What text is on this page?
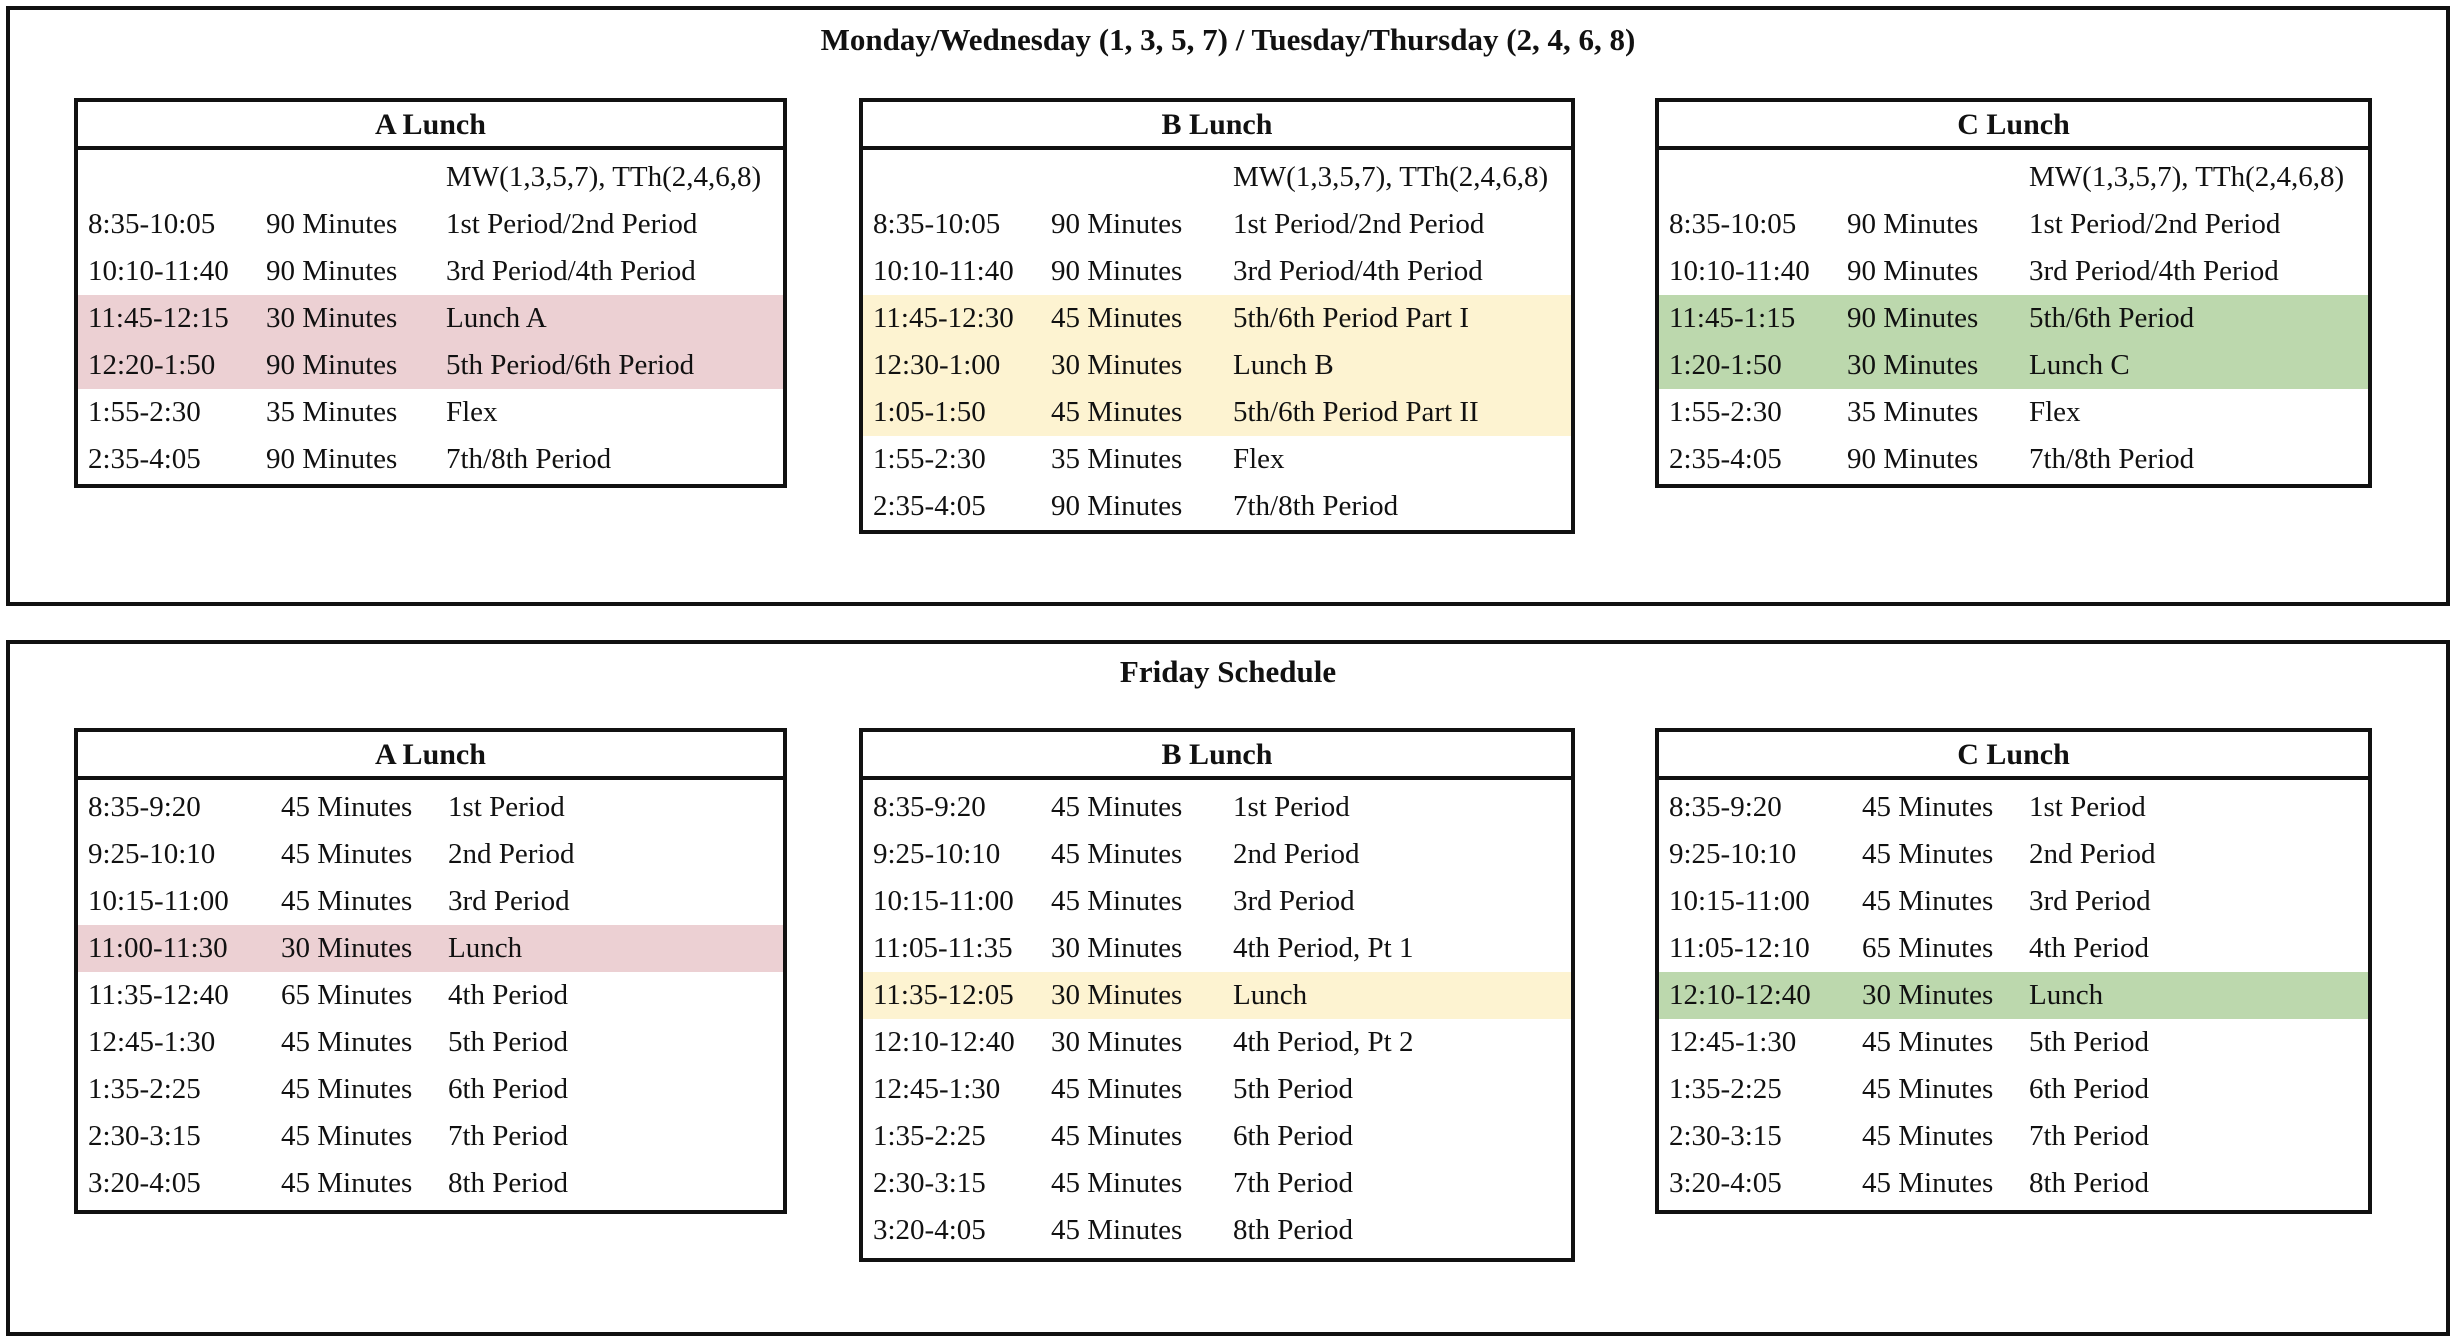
Monday/Wednesday (1, 3, 5, 7) / Tuesday/Thursday (2, 4, 6, 8)
A Lunch
MW(1,3,5,7), TTh(2,4,6,8)
8:35-10:05 90 Minutes 1st Period/2nd Period
10:10-11:40 90 Minutes 3rd Period/4th Period
11:45-12:15 30 Minutes Lunch A
12:20-1:50 90 Minutes 5th Period/6th Period
1:55-2:30 35 Minutes Flex
2:35-4:05 90 Minutes 7th/8th Period
B Lunch
MW(1,3,5,7), TTh(2,4,6,8)
8:35-10:05 90 Minutes 1st Period/2nd Period
10:10-11:40 90 Minutes 3rd Period/4th Period
11:45-12:30 45 Minutes 5th/6th Period Part I
12:30-1:00 30 Minutes Lunch B
1:05-1:50 45 Minutes 5th/6th Period Part II
1:55-2:30 35 Minutes Flex
2:35-4:05 90 Minutes 7th/8th Period
C Lunch
MW(1,3,5,7), TTh(2,4,6,8)
8:35-10:05 90 Minutes 1st Period/2nd Period
10:10-11:40 90 Minutes 3rd Period/4th Period
11:45-1:15 90 Minutes 5th/6th Period
1:20-1:50 30 Minutes Lunch C
1:55-2:30 35 Minutes Flex
2:35-4:05 90 Minutes 7th/8th Period
Friday Schedule
A Lunch
8:35-9:20	45 Minutes 1st Period
9:25-10:10 45 Minutes 2nd Period
10:15-11:00 45 Minutes 3rd Period
11:00-11:30 30 Minutes Lunch
11:35-12:40 65 Minutes 4th Period
12:45-1:30 45 Minutes 5th Period
1:35-2:25	45 Minutes 6th Period
2:30-3:15	45 Minutes 7th Period
3:20-4:05	45 Minutes 8th Period
B Lunch
8:35-9:20 45 Minutes 1st Period
9:25-10:10 45 Minutes 2nd Period
10:15-11:00 45 Minutes 3rd Period
11:05-11:35 30 Minutes 4th Period, Pt 1
11:35-12:05 30 Minutes Lunch
12:10-12:40 30 Minutes 4th Period, Pt 2
12:45-1:30 45 Minutes 5th Period
1:35-2:25 45 Minutes 6th Period
2:30-3:15 45 Minutes 7th Period
3:20-4:05 45 Minutes 8th Period
C Lunch
8:35-9:20	45 Minutes 1st Period
9:25-10:10 45 Minutes 2nd Period
10:15-11:00 45 Minutes 3rd Period
11:05-12:10 65 Minutes 4th Period
12:10-12:40 30 Minutes Lunch
12:45-1:30 45 Minutes 5th Period
1:35-2:25	45 Minutes 6th Period
2:30-3:15	45 Minutes 7th Period
3:20-4:05	45 Minutes 8th Period
